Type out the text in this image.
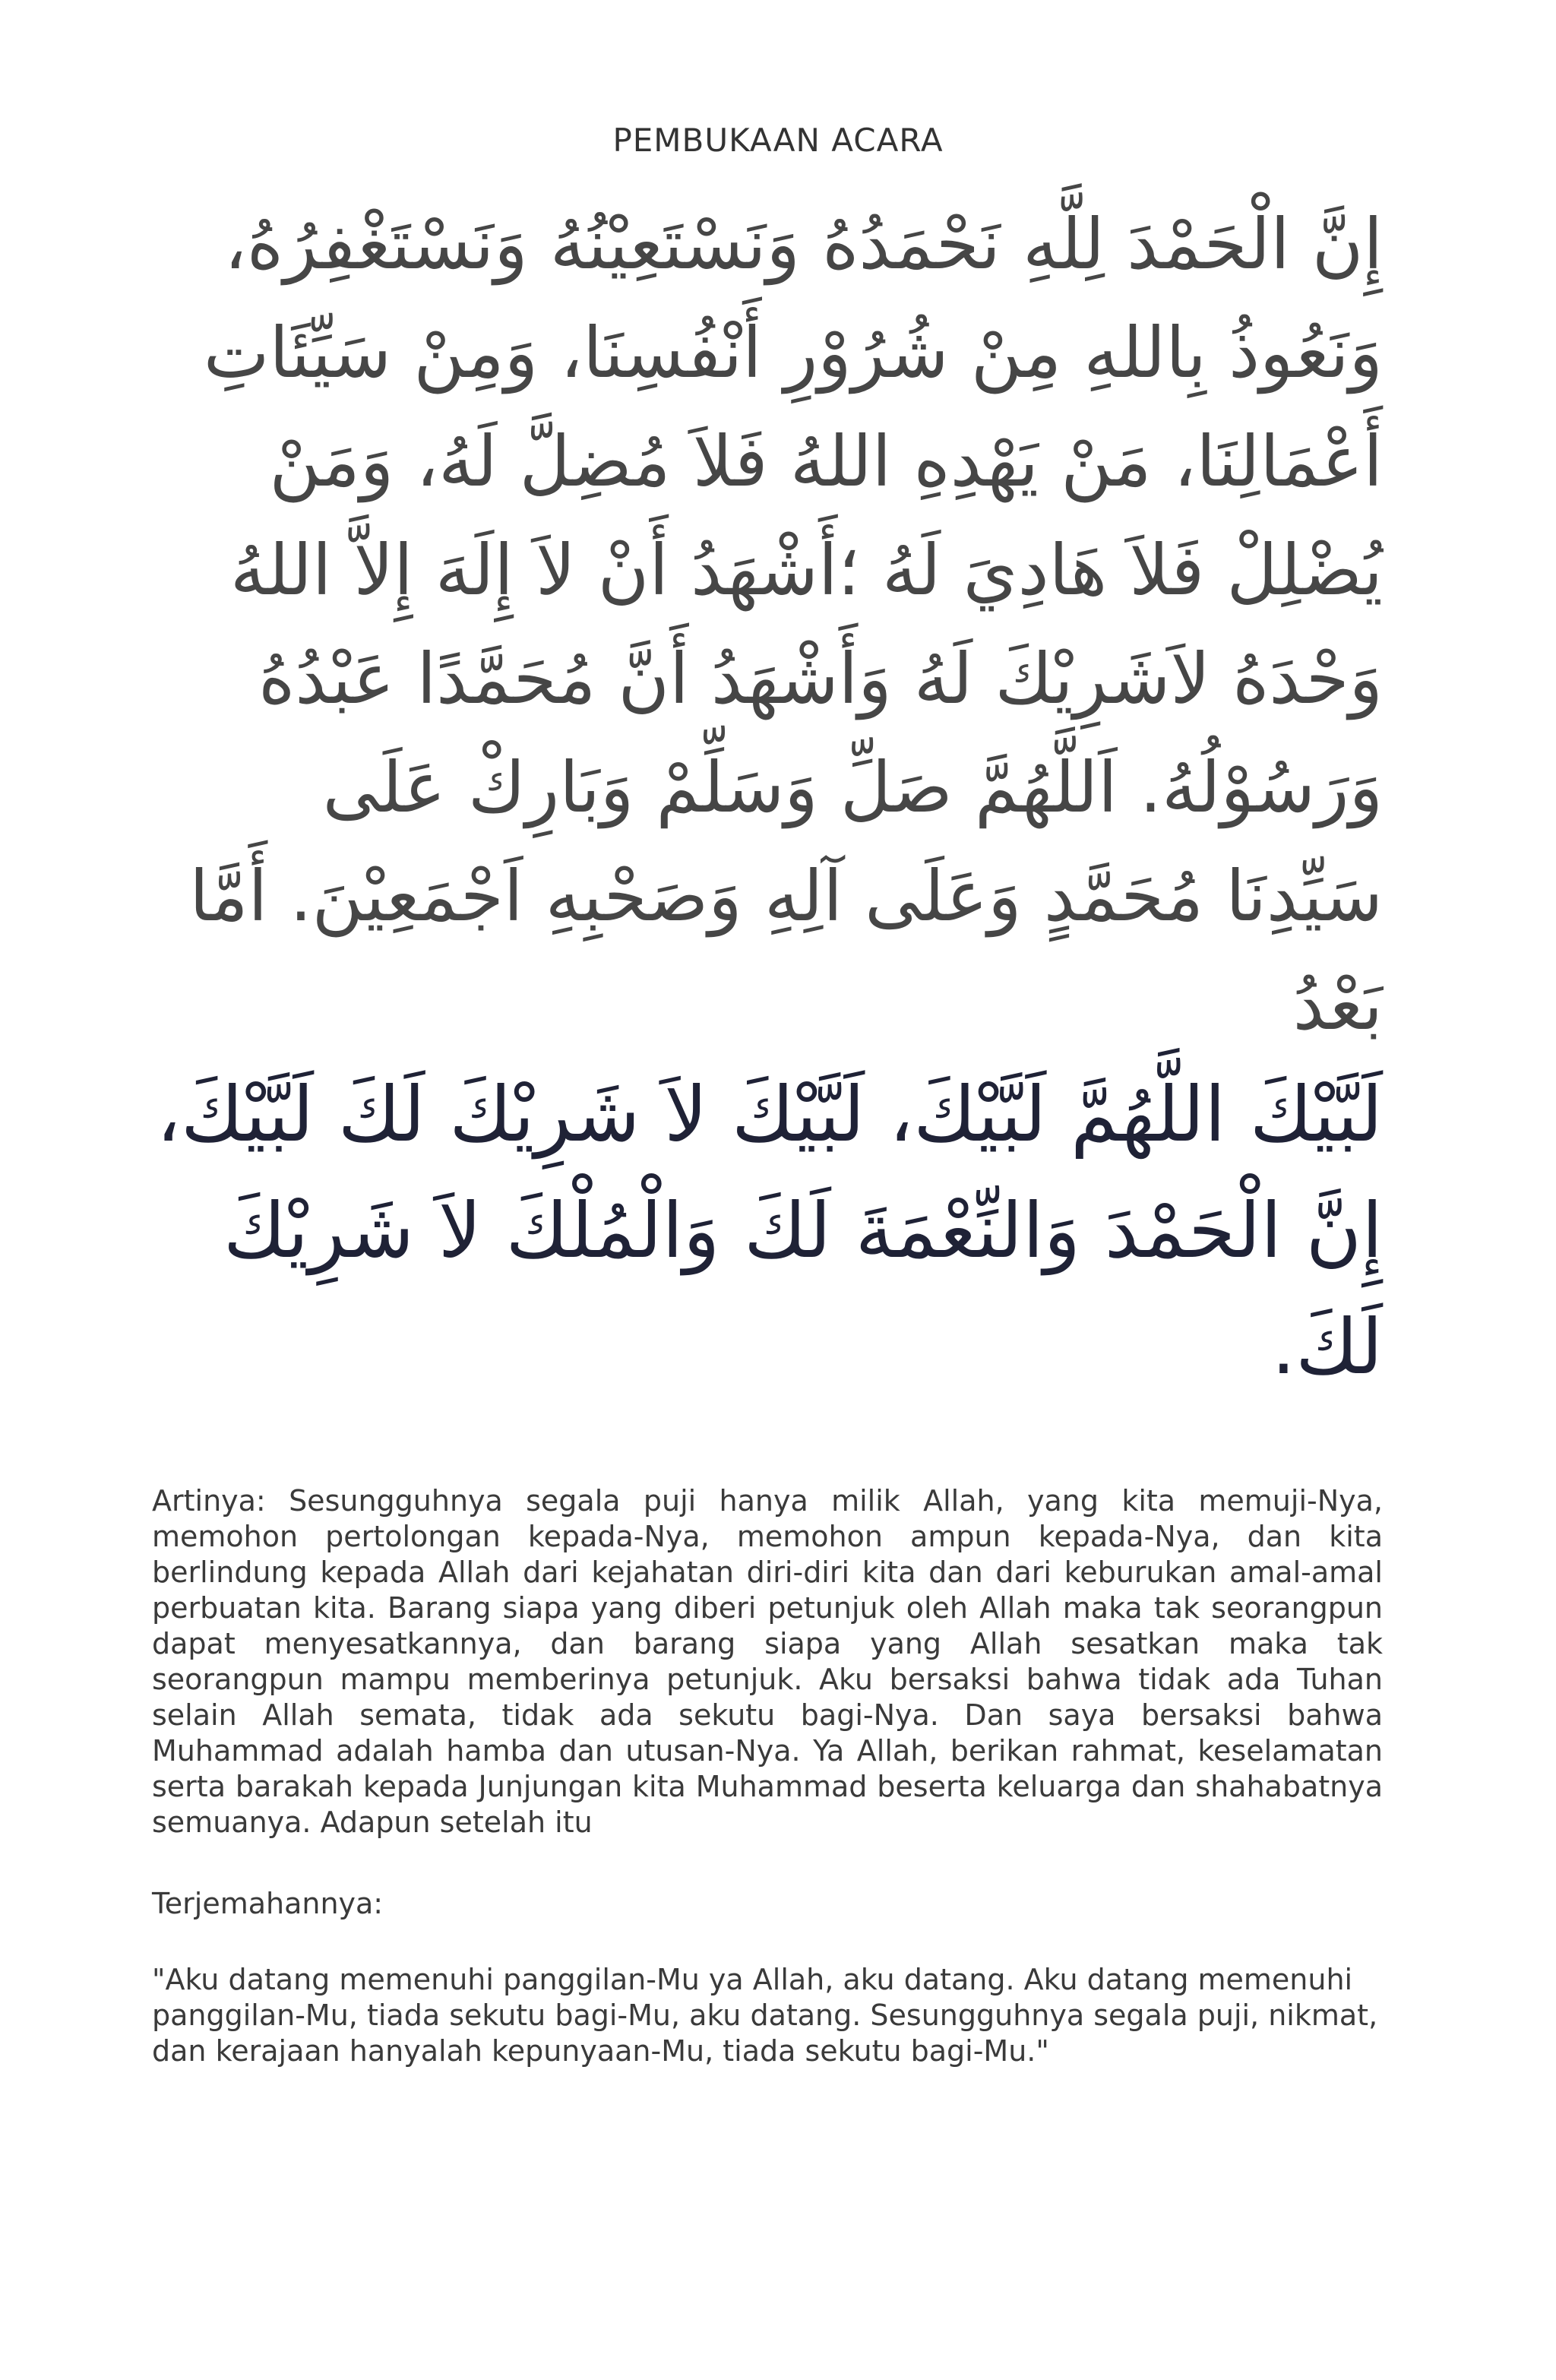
PEMBUKAAN ACARA
إِنَّ الْحَمْدَ لِلَّهِ نَحْمَدُهُ وَنَسْتَعِيْنُهُ وَنَسْتَغْفِرُهُ،
وَنَعُوذُ بِاللهِ مِنْ شُرُوْرِ أَنْفُسِنَا، وَمِنْ سَيِّئَاتِ
أَعْمَالِنَا، مَنْ يَهْدِهِ اللهُ فَلاَ مُضِلَّ لَهُ، وَمَنْ
يُضْلِلْ فَلاَ هَادِيَ لَهُ ؛أَشْهَدُ أَنْ لاَ إِلَهَ إِلاَّ اللهُ
وَحْدَهُ لاَشَرِيْكَ لَهُ وَأَشْهَدُ أَنَّ مُحَمَّدًا عَبْدُهُ
وَرَسُوْلُهُ. اَللَّهُمَّ صَلِّ وَسَلِّمْ وَبَارِكْ عَلَى
سَيِّدِنَا مُحَمَّدٍ وَعَلَى آلِهِ وَصَحْبِهِ اَجْمَعِيْنَ. أَمَّا
بَعْدُ
لَبَّيْكَ اللَّهُمَّ لَبَّيْكَ، لَبَّيْكَ لاَ شَرِيْكَ لَكَ لَبَّيْكَ،
إِنَّ الْحَمْدَ وَالنِّعْمَةَ لَكَ وَالْمُلْكَ لاَ شَرِيْكَ
لَكَ.

Artinya: Sesungguhnya segala puji hanya milik Allah, yang kita memuji-Nya, memohon pertolongan kepada-Nya, memohon ampun kepada-Nya, dan kita berlindung kepada Allah dari kejahatan diri-diri kita dan dari keburukan amal-amal perbuatan kita. Barang siapa yang diberi petunjuk oleh Allah maka tak seorangpun dapat menyesatkannya, dan barang siapa yang Allah sesatkan maka tak seorangpun mampu memberinya petunjuk. Aku bersaksi bahwa tidak ada Tuhan selain Allah semata, tidak ada sekutu bagi-Nya. Dan saya bersaksi bahwa Muhammad adalah hamba dan utusan-Nya. Ya Allah, berikan rahmat, keselamatan serta barakah kepada Junjungan kita Muhammad beserta keluarga dan shahabatnya semuanya. Adapun setelah itu

Terjemahannya:

"Aku datang memenuhi panggilan-Mu ya Allah, aku datang. Aku datang memenuhi panggilan-Mu, tiada sekutu bagi-Mu, aku datang. Sesungguhnya segala puji, nikmat, dan kerajaan hanyalah kepunyaan-Mu, tiada sekutu bagi-Mu."
